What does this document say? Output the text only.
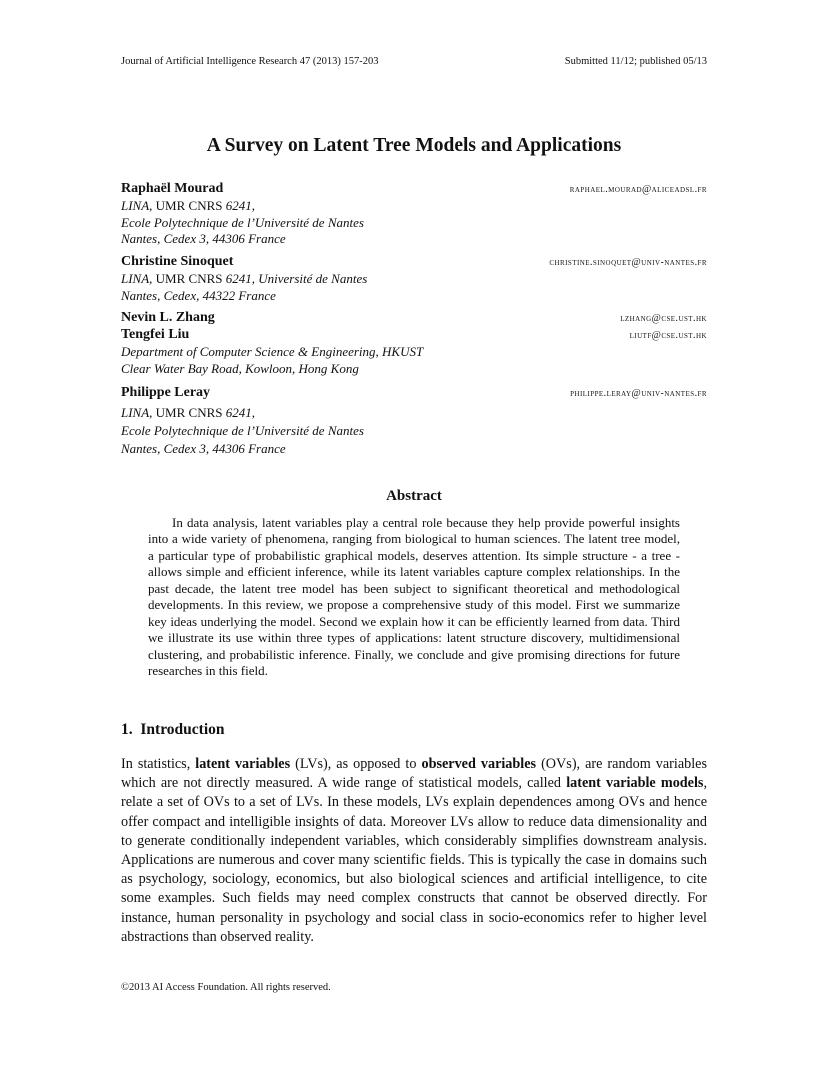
Journal of Artificial Intelligence Research 47 (2013) 157-203	Submitted 11/12; published 05/13
A Survey on Latent Tree Models and Applications
Raphaël Mourad	raphael.mourad@aliceadsl.fr
LINA, UMR CNRS 6241,
Ecole Polytechnique de l’Université de Nantes
Nantes, Cedex 3, 44306 France
Christine Sinoquet	christine.sinoquet@univ-nantes.fr
LINA, UMR CNRS 6241, Université de Nantes
Nantes, Cedex, 44322 France
Nevin L. Zhang	lzhang@cse.ust.hk
Tengfei Liu	liutf@cse.ust.hk
Department of Computer Science & Engineering, HKUST
Clear Water Bay Road, Kowloon, Hong Kong
Philippe Leray	philippe.leray@univ-nantes.fr
LINA, UMR CNRS 6241,
Ecole Polytechnique de l’Université de Nantes
Nantes, Cedex 3, 44306 France
Abstract
In data analysis, latent variables play a central role because they help provide powerful insights into a wide variety of phenomena, ranging from biological to human sciences. The latent tree model, a particular type of probabilistic graphical models, deserves attention. Its simple structure - a tree - allows simple and efficient inference, while its latent variables capture complex relationships. In the past decade, the latent tree model has been subject to significant theoretical and methodological developments. In this review, we propose a comprehensive study of this model. First we summarize key ideas underlying the model. Second we explain how it can be efficiently learned from data. Third we illustrate its use within three types of applications: latent structure discovery, multidimensional clustering, and probabilistic inference. Finally, we conclude and give promising directions for future researches in this field.
1.  Introduction
In statistics, latent variables (LVs), as opposed to observed variables (OVs), are random variables which are not directly measured. A wide range of statistical models, called latent variable models, relate a set of OVs to a set of LVs. In these models, LVs explain dependences among OVs and hence offer compact and intelligible insights of data. Moreover LVs allow to reduce data dimensionality and to generate conditionally independent variables, which considerably simplifies downstream analysis. Applications are numerous and cover many scientific fields. This is typically the case in domains such as psychology, sociology, economics, but also biological sciences and artificial intelligence, to cite some examples. Such fields may need complex constructs that cannot be observed directly. For instance, human personality in psychology and social class in socio-economics refer to higher level abstractions than observed reality.
©2013 AI Access Foundation. All rights reserved.
